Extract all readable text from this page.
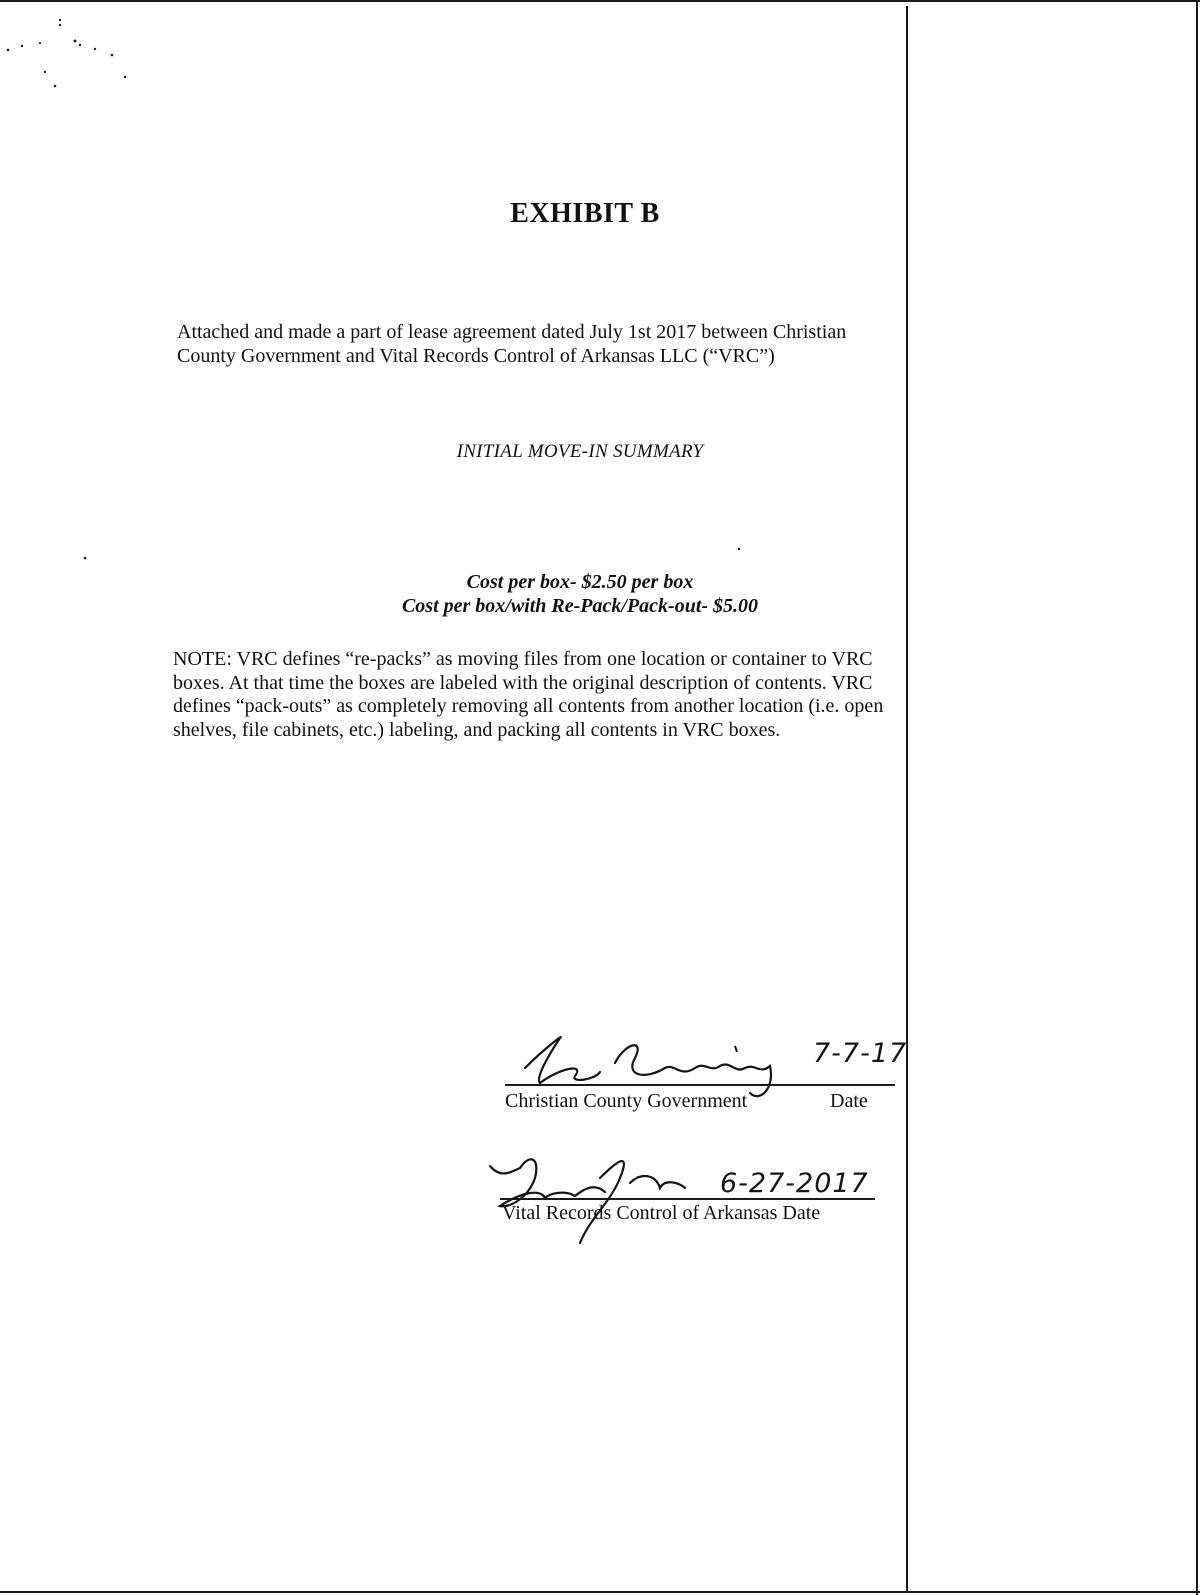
EXHIBIT B
Attached and made a part of lease agreement dated July 1st 2017 between Christian
County Government and Vital Records Control of Arkansas LLC (“VRC”)
INITIAL MOVE-IN SUMMARY
Cost per box- $2.50 per box
Cost per box/with Re-Pack/Pack-out- $5.00
NOTE: VRC defines “re-packs” as moving files from one location or container to VRC
boxes. At that time the boxes are labeled with the original description of contents. VRC
defines “pack-outs” as completely removing all contents from another location (i.e. open
shelves, file cabinets, etc.) labeling, and packing all contents in VRC boxes.
7-7-17
Christian County Government	Date
6-27-2017
Vital Records Control of Arkansas Date
